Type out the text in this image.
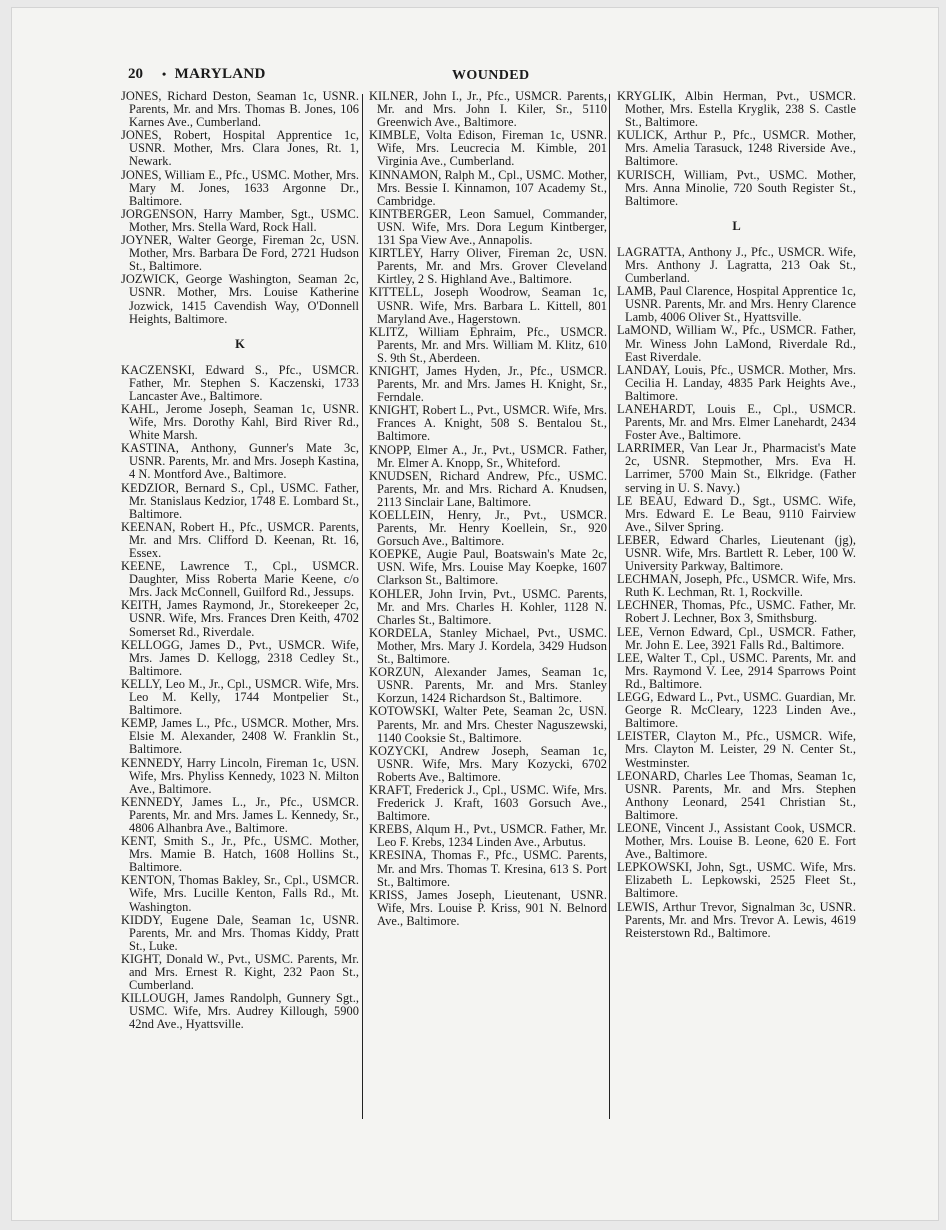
20 • MARYLAND	WOUNDED

JONES, Richard Deston, Seaman 1c, USNR. Parents, Mr. and Mrs. Thomas B. Jones, 106 Karnes Ave., Cumberland.

JONES, Robert, Hospital Apprentice 1c, USNR. Mother, Mrs. Clara Jones, Rt. 1, Newark.

JONES, William E., Pfc., USMC. Mother, Mrs. Mary M. Jones, 1633 Argonne Dr., Baltimore.

JORGENSON, Harry Mamber, Sgt., USMC. Mother, Mrs. Stella Ward, Rock Hall.

JOYNER, Walter George, Fireman 2c, USN. Mother, Mrs. Barbara De Ford, 2721 Hudson St., Baltimore.

JOZWICK, George Washington, Seaman 2c, USNR. Mother, Mrs. Louise Katherine Jozwick, 1415 Cavendish Way, O'Donnell Heights, Baltimore.

K

KACZENSKI, Edward S., Pfc., USMCR. Father, Mr. Stephen S. Kaczenski, 1733 Lancaster Ave., Baltimore.

KAHL, Jerome Joseph, Seaman 1c, USNR. Wife, Mrs. Dorothy Kahl, Bird River Rd., White Marsh.

KASTINA, Anthony, Gunner's Mate 3c, USNR. Parents, Mr. and Mrs. Joseph Kastina, 4 N. Montford Ave., Baltimore.

KEDZIOR, Bernard S., Cpl., USMC. Father, Mr. Stanislaus Kedzior, 1748 E. Lombard St., Baltimore.

KEENAN, Robert H., Pfc., USMCR. Parents, Mr. and Mrs. Clifford D. Keenan, Rt. 16, Essex.

KEENE, Lawrence T., Cpl., USMCR. Daughter, Miss Roberta Marie Keene, c/o Mrs. Jack McConnell, Guilford Rd., Jessups.

KEITH, James Raymond, Jr., Storekeeper 2c, USNR. Wife, Mrs. Frances Dren Keith, 4702 Somerset Rd., Riverdale.

KELLOGG, James D., Pvt., USMCR. Wife, Mrs. James D. Kellogg, 2318 Cedley St., Baltimore.

KELLY, Leo M., Jr., Cpl., USMCR. Wife, Mrs. Leo M. Kelly, 1744 Montpelier St., Baltimore.

KEMP, James L., Pfc., USMCR. Mother, Mrs. Elsie M. Alexander, 2408 W. Franklin St., Baltimore.

KENNEDY, Harry Lincoln, Fireman 1c, USN. Wife, Mrs. Phyliss Kennedy, 1023 N. Milton Ave., Baltimore.

KENNEDY, James L., Jr., Pfc., USMCR. Parents, Mr. and Mrs. James L. Kennedy, Sr., 4806 Alhanbra Ave., Baltimore.

KENT, Smith S., Jr., Pfc., USMC. Mother, Mrs. Mamie B. Hatch, 1608 Hollins St., Baltimore.

KENTON, Thomas Bakley, Sr., Cpl., USMCR. Wife, Mrs. Lucille Kenton, Falls Rd., Mt. Washington.

KIDDY, Eugene Dale, Seaman 1c, USNR. Parents, Mr. and Mrs. Thomas Kiddy, Pratt St., Luke.

KIGHT, Donald W., Pvt., USMC. Parents, Mr. and Mrs. Ernest R. Kight, 232 Paon St., Cumberland.

KILLOUGH, James Randolph, Gunnery Sgt., USMC. Wife, Mrs. Audrey Killough, 5900 42nd Ave., Hyattsville.

KILNER, John I., Jr., Pfc., USMCR. Parents, Mr. and Mrs. John I. Kiler, Sr., 5110 Greenwich Ave., Baltimore.

KIMBLE, Volta Edison, Fireman 1c, USNR. Wife, Mrs. Leucrecia M. Kimble, 201 Virginia Ave., Cumberland.

KINNAMON, Ralph M., Cpl., USMC. Mother, Mrs. Bessie I. Kinnamon, 107 Academy St., Cambridge.

KINTBERGER, Leon Samuel, Commander, USN. Wife, Mrs. Dora Legum Kintberger, 131 Spa View Ave., Annapolis.

KIRTLEY, Harry Oliver, Fireman 2c, USN. Parents, Mr. and Mrs. Grover Cleveland Kirtley, 2 S. Highland Ave., Baltimore.

KITTELL, Joseph Woodrow, Seaman 1c, USNR. Wife, Mrs. Barbara L. Kittell, 801 Maryland Ave., Hagerstown.

KLITZ, William Ephraim, Pfc., USMCR. Parents, Mr. and Mrs. William M. Klitz, 610 S. 9th St., Aberdeen.

KNIGHT, James Hyden, Jr., Pfc., USMCR. Parents, Mr. and Mrs. James H. Knight, Sr., Ferndale.

KNIGHT, Robert L., Pvt., USMCR. Wife, Mrs. Frances A. Knight, 508 S. Bentalou St., Baltimore.

KNOPP, Elmer A., Jr., Pvt., USMCR. Father, Mr. Elmer A. Knopp, Sr., Whiteford.

KNUDSEN, Richard Andrew, Pfc., USMC. Parents, Mr. and Mrs. Richard A. Knudsen, 2113 Sinclair Lane, Baltimore.

KOELLEIN, Henry, Jr., Pvt., USMCR. Parents, Mr. Henry Koellein, Sr., 920 Gorsuch Ave., Baltimore.

KOEPKE, Augie Paul, Boatswain's Mate 2c, USN. Wife, Mrs. Louise May Koepke, 1607 Clarkson St., Baltimore.

KOHLER, John Irvin, Pvt., USMC. Parents, Mr. and Mrs. Charles H. Kohler, 1128 N. Charles St., Baltimore.

KORDELA, Stanley Michael, Pvt., USMC. Mother, Mrs. Mary J. Kordela, 3429 Hudson St., Baltimore.

KORZUN, Alexander James, Seaman 1c, USNR. Parents, Mr. and Mrs. Stanley Korzun, 1424 Richardson St., Baltimore.

KOTOWSKI, Walter Pete, Seaman 2c, USN. Parents, Mr. and Mrs. Chester Naguszewski, 1140 Cooksie St., Baltimore.

KOZYCKI, Andrew Joseph, Seaman 1c, USNR. Wife, Mrs. Mary Kozycki, 6702 Roberts Ave., Baltimore.

KRAFT, Frederick J., Cpl., USMC. Wife, Mrs. Frederick J. Kraft, 1603 Gorsuch Ave., Baltimore.

KREBS, Alqum H., Pvt., USMCR. Father, Mr. Leo F. Krebs, 1234 Linden Ave., Arbutus.

KRESINA, Thomas F., Pfc., USMC. Parents, Mr. and Mrs. Thomas T. Kresina, 613 S. Port St., Baltimore.

KRISS, James Joseph, Lieutenant, USNR. Wife, Mrs. Louise P. Kriss, 901 N. Belnord Ave., Baltimore.

KRYGLIK, Albin Herman, Pvt., USMCR. Mother, Mrs. Estella Kryglik, 238 S. Castle St., Baltimore.

KULICK, Arthur P., Pfc., USMCR. Mother, Mrs. Amelia Tarasuck, 1248 Riverside Ave., Baltimore.

KURISCH, William, Pvt., USMC. Mother, Mrs. Anna Minolie, 720 South Register St., Baltimore.

L

LAGRATTA, Anthony J., Pfc., USMCR. Wife, Mrs. Anthony J. Lagratta, 213 Oak St., Cumberland.

LAMB, Paul Clarence, Hospital Apprentice 1c, USNR. Parents, Mr. and Mrs. Henry Clarence Lamb, 4006 Oliver St., Hyattsville.

LaMOND, William W., Pfc., USMCR. Father, Mr. Winess John LaMond, Riverdale Rd., East Riverdale.

LANDAY, Louis, Pfc., USMCR. Mother, Mrs. Cecilia H. Landay, 4835 Park Heights Ave., Baltimore.

LANEHARDT, Louis E., Cpl., USMCR. Parents, Mr. and Mrs. Elmer Lanehardt, 2434 Foster Ave., Baltimore.

LARRIMER, Van Lear Jr., Pharmacist's Mate 2c, USNR. Stepmother, Mrs. Eva H. Larrimer, 5700 Main St., Elkridge. (Father serving in U. S. Navy.)

LE BEAU, Edward D., Sgt., USMC. Wife, Mrs. Edward E. Le Beau, 9110 Fairview Ave., Silver Spring.

LEBER, Edward Charles, Lieutenant (jg), USNR. Wife, Mrs. Bartlett R. Leber, 100 W. University Parkway, Baltimore.

LECHMAN, Joseph, Pfc., USMCR. Wife, Mrs. Ruth K. Lechman, Rt. 1, Rockville.

LECHNER, Thomas, Pfc., USMC. Father, Mr. Robert J. Lechner, Box 3, Smithsburg.

LEE, Vernon Edward, Cpl., USMCR. Father, Mr. John E. Lee, 3921 Falls Rd., Baltimore.

LEE, Walter T., Cpl., USMC. Parents, Mr. and Mrs. Raymond V. Lee, 2914 Sparrows Point Rd., Baltimore.

LEGG, Edward L., Pvt., USMC. Guardian, Mr. George R. McCleary, 1223 Linden Ave., Baltimore.

LEISTER, Clayton M., Pfc., USMCR. Wife, Mrs. Clayton M. Leister, 29 N. Center St., Westminster.

LEONARD, Charles Lee Thomas, Seaman 1c, USNR. Parents, Mr. and Mrs. Stephen Anthony Leonard, 2541 Christian St., Baltimore.

LEONE, Vincent J., Assistant Cook, USMCR. Mother, Mrs. Louise B. Leone, 620 E. Fort Ave., Baltimore.

LEPKOWSKI, John, Sgt., USMC. Wife, Mrs. Elizabeth L. Lepkowski, 2525 Fleet St., Baltimore.

LEWIS, Arthur Trevor, Signalman 3c, USNR. Parents, Mr. and Mrs. Trevor A. Lewis, 4619 Reisterstown Rd., Baltimore.
